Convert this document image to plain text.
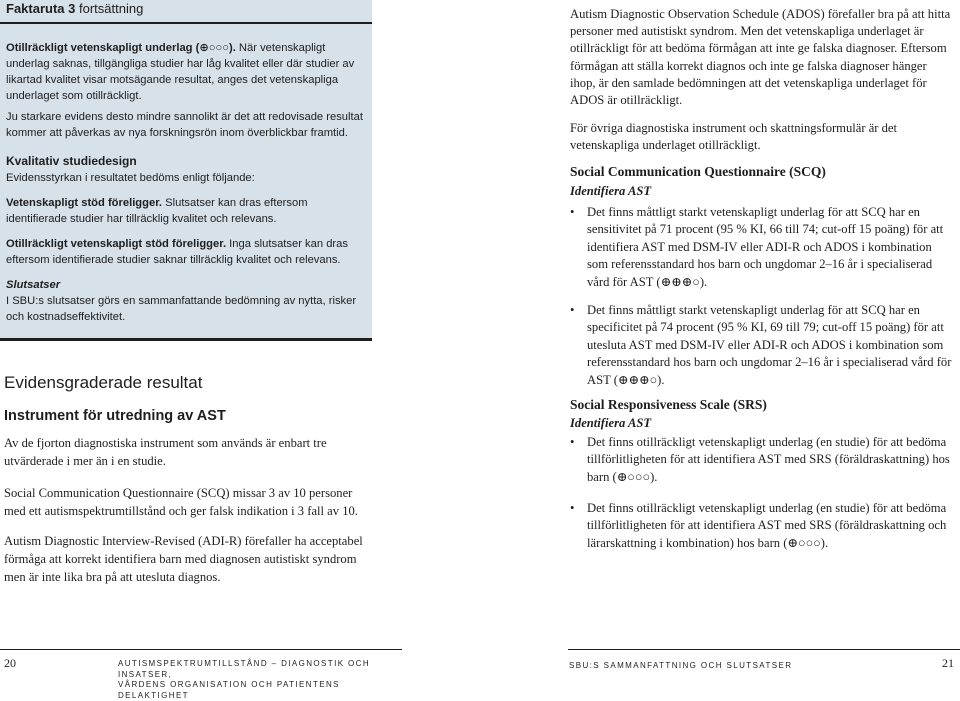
Faktaruta 3 fortsättning
Otillräckligt vetenskapligt underlag (⊕○○○). När vetenskapligt underlag saknas, tillgängliga studier har låg kvalitet eller där studier av likartad kvalitet visar motsägande resultat, anges det vetenskapliga underlaget som otillräckligt.
Ju starkare evidens desto mindre sannolikt är det att redovisade resultat kommer att påverkas av nya forskningsrön inom överblickbar framtid.
Kvalitativ studiedesign
Evidensstyrkan i resultatet bedöms enligt följande:
Vetenskapligt stöd föreligger. Slutsatser kan dras eftersom identifierade studier har tillräcklig kvalitet och relevans.
Otillräckligt vetenskapligt stöd föreligger. Inga slutsatser kan dras eftersom identifierade studier saknar tillräcklig kvalitet och relevans.
Slutsatser
I SBU:s slutsatser görs en sammanfattande bedömning av nytta, risker och kostnadseffektivitet.
Evidensgraderade resultat
Instrument för utredning av AST
Av de fjorton diagnostiska instrument som används är enbart tre utvärderade i mer än i en studie.
Social Communication Questionnaire (SCQ) missar 3 av 10 personer med ett autismspektrumtillstånd och ger falsk indikation i 3 fall av 10.
Autism Diagnostic Interview-Revised (ADI-R) förefaller ha acceptabel förmåga att korrekt identifiera barn med diagnosen autistiskt syndrom men är inte lika bra på att utesluta diagnos.
Autism Diagnostic Observation Schedule (ADOS) förefaller bra på att hitta personer med autistiskt syndrom. Men det vetenskapliga underlaget är otillräckligt för att bedöma förmågan att inte ge falska diagnoser. Eftersom förmågan att ställa korrekt diagnos och inte ge falska diagnoser hänger ihop, är den samlade bedömningen att det vetenskapliga underlaget för ADOS är otillräckligt.
För övriga diagnostiska instrument och skattningsformulär är det vetenskapliga underlaget otillräckligt.
Social Communication Questionnaire (SCQ)
Identifiera AST
• Det finns måttligt starkt vetenskapligt underlag för att SCQ har en sensitivitet på 71 procent (95 % KI, 66 till 74; cut-off 15 poäng) för att identifiera AST med DSM-IV eller ADI-R och ADOS i kombination som referensstandard hos barn och ungdomar 2–16 år i specialiserad vård för AST (⊕⊕⊕○).
• Det finns måttligt starkt vetenskapligt underlag för att SCQ har en specificitet på 74 procent (95 % KI, 69 till 79; cut-off 15 poäng) för att utesluta AST med DSM-IV eller ADI-R och ADOS i kombination som referensstandard hos barn och ungdomar 2–16 år i specialiserad vård för AST (⊕⊕⊕○).
Social Responsiveness Scale (SRS)
Identifiera AST
• Det finns otillräckligt vetenskapligt underlag (en studie) för att bedöma tillförlitligheten för att identifiera AST med SRS (föräldraskattning) hos barn (⊕○○○).
• Det finns otillräckligt vetenskapligt underlag (en studie) för att bedöma tillförlitligheten för att identifiera AST med SRS (föräldraskattning och lärarskattning i kombination) hos barn (⊕○○○).
20	AUTISMSPEKTRUMTILLSTÅND – DIAGNOSTIK OCH INSATSER,
VÅRDENS ORGANISATION OCH PATIENTENS DELAKTIGHET
SBU:S SAMMANFATTNING OCH SLUTSATSER	21
